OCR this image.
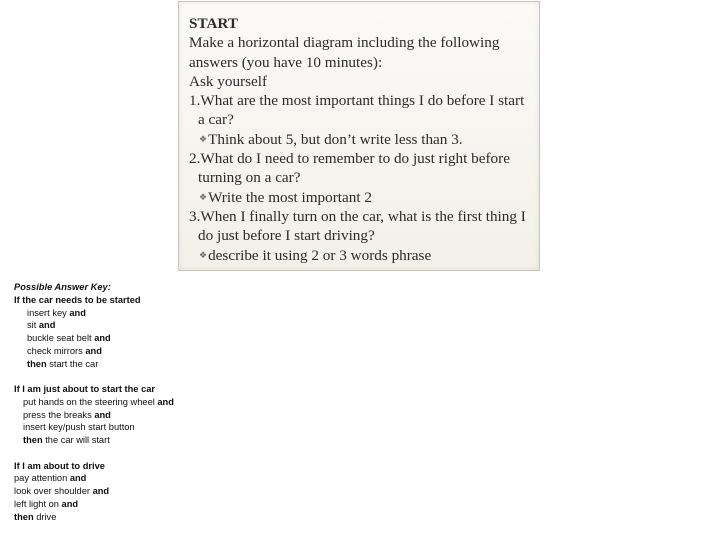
START
Make a horizontal diagram including the following answers (you have 10 minutes):
Ask yourself
1.What are the most important things I do before I start a car?
❖Think about 5, but don’t write less than 3.
2.What do I need to remember to do just right before turning on a car?
❖Write the most important 2
3.When I finally turn on the car, what is the first thing I do just before I start driving?
❖describe it using 2 or 3 words phrase
Possible Answer Key:
If the car needs to be started
insert key and
sit and
buckle seat belt and
check mirrors and
then start the car
If I am just about to start the car
put hands on the steering wheel and
press the breaks and
insert key/push start button
then the car will start
If I am about to drive
pay attention and
look over shoulder and
left light on and
then drive
